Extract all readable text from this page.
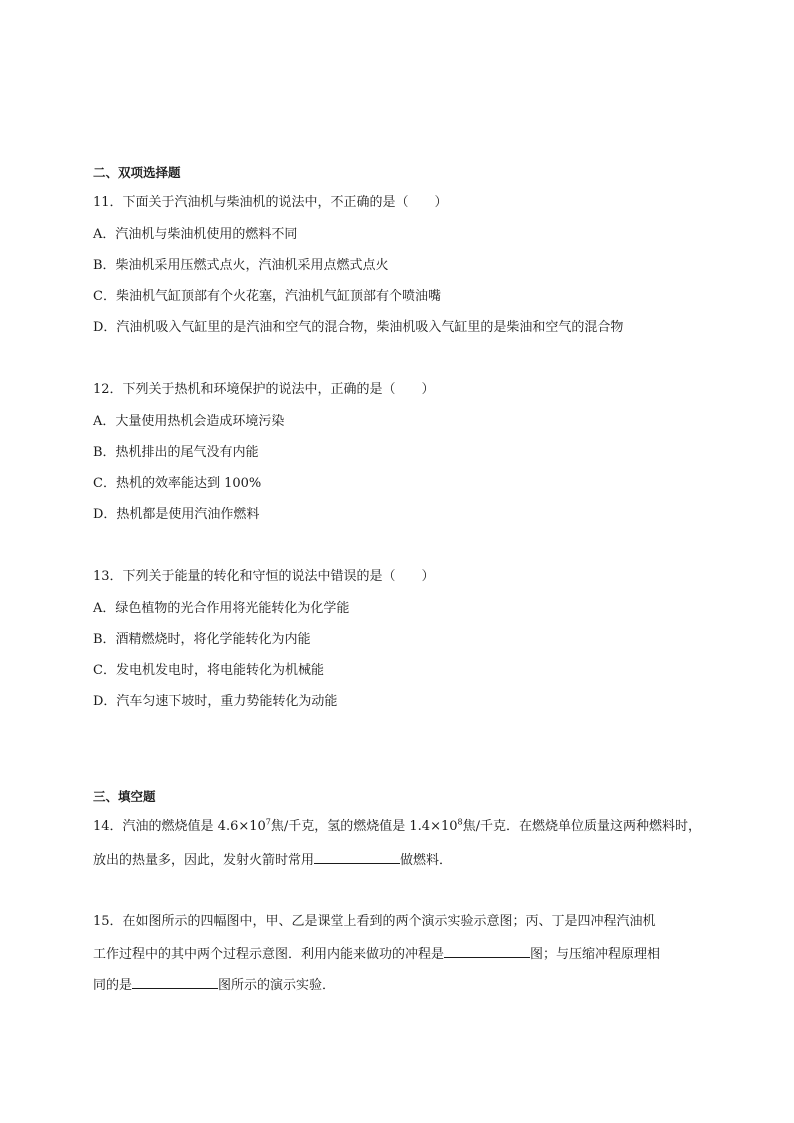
二、双项选择题
11．下面关于汽油机与柴油机的说法中，不正确的是（　　）
A．汽油机与柴油机使用的燃料不同
B．柴油机采用压燃式点火，汽油机采用点燃式点火
C．柴油机气缸顶部有个火花塞，汽油机气缸顶部有个喷油嘴
D．汽油机吸入气缸里的是汽油和空气的混合物，柴油机吸入气缸里的是柴油和空气的混合物
12．下列关于热机和环境保护的说法中，正确的是（　　）
A．大量使用热机会造成环境污染
B．热机排出的尾气没有内能
C．热机的效率能达到 100%
D．热机都是使用汽油作燃料
13．下列关于能量的转化和守恒的说法中错误的是（　　）
A．绿色植物的光合作用将光能转化为化学能
B．酒精燃烧时，将化学能转化为内能
C．发电机发电时，将电能转化为机械能
D．汽车匀速下坡时，重力势能转化为动能
三、填空题
14．汽油的燃烧值是 $4.6\times 10^7$焦/千克，氢的燃烧值是 $1.4\times 10^8$焦/千克．在燃烧单位质量这两种燃料时，
放出的热量多，因此，发射火箭时常用	做燃料．
15．在如图所示的四幅图中，甲、乙是课堂上看到的两个演示实验示意图；丙、丁是四冲程汽油机
工作过程中的其中两个过程示意图．利用内能来做功的冲程是	图；与压缩冲程原理相
同的是	图所示的演示实验．
